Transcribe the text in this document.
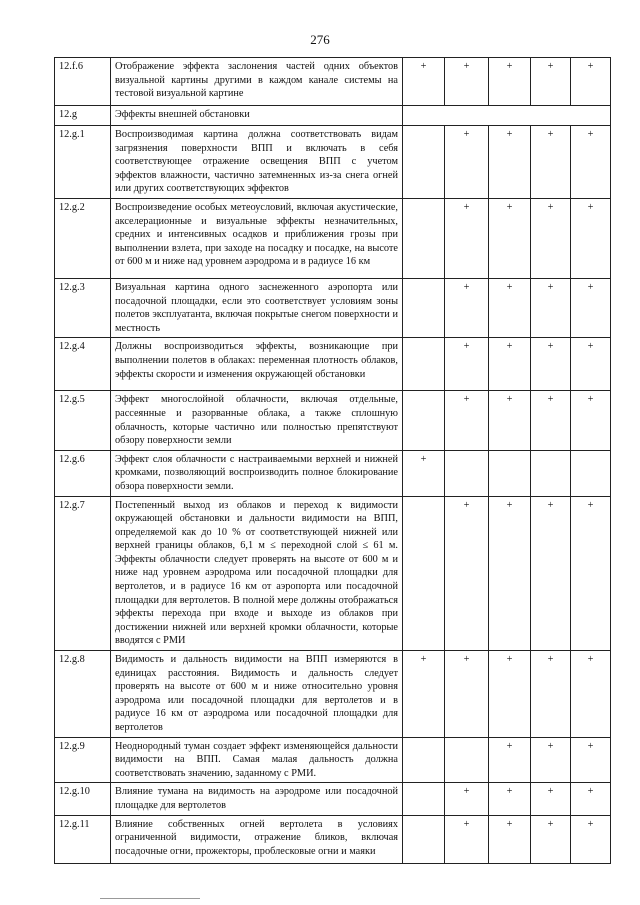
276
12.f.6	Отображение эффекта заслонения частей одних объектов визуальной картины другими в каждом канале системы на тестовой визуальной картине	+	+	+	+	+
12.g	Эффекты внешней обстановки					
12.g.1	Воспроизводимая картина должна соответствовать видам загрязнения поверхности ВПП и включать в себя соответствующее отражение освещения ВПП с учетом эффектов влажности, частично затемненных из-за снега огней или других соответствующих эффектов		+	+	+	+
12.g.2	Воспроизведение особых метеоусловий, включая акустические, акселерационные и визуальные эффекты незначительных, средних и интенсивных осадков и приближения грозы при выполнении взлета, при заходе на посадку и посадке, на высоте от 600 м и ниже над уровнем аэродрома и в радиусе 16 км		+	+	+	+
12.g.3	Визуальная картина одного заснеженного аэропорта или посадочной площадки, если это соответствует условиям зоны полетов эксплуатанта, включая покрытые снегом поверхности и местность		+	+	+	+
12.g.4	Должны воспроизводиться эффекты, возникающие при выполнении полетов в облаках: переменная плотность облаков, эффекты скорости и изменения окружающей обстановки		+	+	+	+
12.g.5	Эффект многослойной облачности, включая отдельные, рассеянные и разорванные облака, а также сплошную облачность, которые частично или полностью препятствуют обзору поверхности земли		+	+	+	+
12.g.6	Эффект слоя облачности с настраиваемыми верхней и нижней кромками, позволяющий воспроизводить полное блокирование обзора поверхности земли.	+				
12.g.7	Постепенный выход из облаков и переход к видимости окружающей обстановки и дальности видимости на ВПП, определяемой как до 10 % от соответствующей нижней или верхней границы облаков, 6,1 м ≤ переходной слой ≤ 61 м. Эффекты облачности следует проверять на высоте от 600 м и ниже над уровнем аэродрома или посадочной площадки для вертолетов, и в радиусе 16 км от аэропорта или посадочной площадки для вертолетов. В полной мере должны отображаться эффекты перехода при входе и выходе из облаков при достижении нижней или верхней кромки облачности, которые вводятся с РМИ		+	+	+	+
12.g.8	Видимость и дальность видимости на ВПП измеряются в единицах расстояния. Видимость и дальность следует проверять на высоте от 600 м и ниже относительно уровня аэродрома или посадочной площадки для вертолетов и в радиусе 16 км от аэродрома или посадочной площадки для вертолетов	+	+	+	+	+
12.g.9	Неоднородный туман создает эффект изменяющейся дальности видимости на ВПП. Самая малая дальность должна соответствовать значению, заданному с РМИ.			+	+	+
12.g.10	Влияние тумана на видимость на аэродроме или посадочной площадке для вертолетов		+	+	+	+
12.g.11	Влияние собственных огней вертолета в условиях ограниченной видимости, отражение бликов, включая посадочные огни, прожекторы, проблесковые огни и маяки		+	+	+	+
